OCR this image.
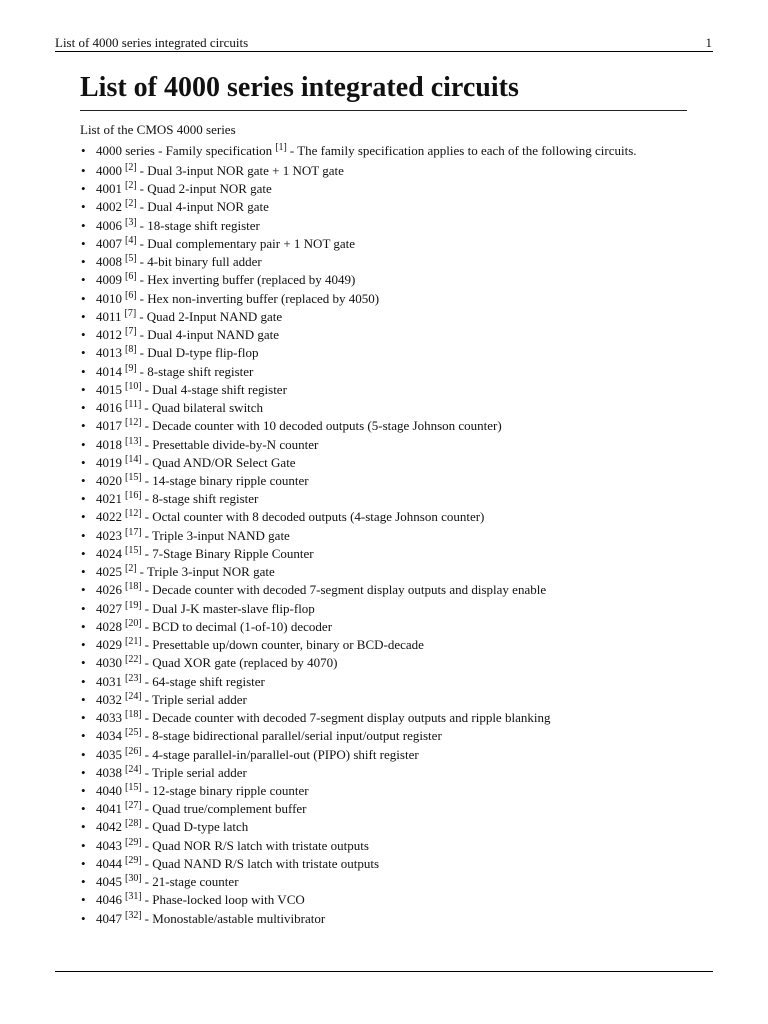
List of 4000 series integrated circuits	1
List of 4000 series integrated circuits
List of the CMOS 4000 series
• 4000 series - Family specification [1] - The family specification applies to each of the following circuits.
• 4000 [2] - Dual 3-input NOR gate + 1 NOT gate
• 4001 [2] - Quad 2-input NOR gate
• 4002 [2] - Dual 4-input NOR gate
• 4006 [3] - 18-stage shift register
• 4007 [4] - Dual complementary pair + 1 NOT gate
• 4008 [5] - 4-bit binary full adder
• 4009 [6] - Hex inverting buffer (replaced by 4049)
• 4010 [6] - Hex non-inverting buffer (replaced by 4050)
• 4011 [7] - Quad 2-Input NAND gate
• 4012 [7] - Dual 4-input NAND gate
• 4013 [8] - Dual D-type flip-flop
• 4014 [9] - 8-stage shift register
• 4015 [10] - Dual 4-stage shift register
• 4016 [11] - Quad bilateral switch
• 4017 [12] - Decade counter with 10 decoded outputs (5-stage Johnson counter)
• 4018 [13] - Presettable divide-by-N counter
• 4019 [14] - Quad AND/OR Select Gate
• 4020 [15] - 14-stage binary ripple counter
• 4021 [16] - 8-stage shift register
• 4022 [12] - Octal counter with 8 decoded outputs (4-stage Johnson counter)
• 4023 [17] - Triple 3-input NAND gate
• 4024 [15] - 7-Stage Binary Ripple Counter
• 4025 [2] - Triple 3-input NOR gate
• 4026 [18] - Decade counter with decoded 7-segment display outputs and display enable
• 4027 [19] - Dual J-K master-slave flip-flop
• 4028 [20] - BCD to decimal (1-of-10) decoder
• 4029 [21] - Presettable up/down counter, binary or BCD-decade
• 4030 [22] - Quad XOR gate (replaced by 4070)
• 4031 [23] - 64-stage shift register
• 4032 [24] - Triple serial adder
• 4033 [18] - Decade counter with decoded 7-segment display outputs and ripple blanking
• 4034 [25] - 8-stage bidirectional parallel/serial input/output register
• 4035 [26] - 4-stage parallel-in/parallel-out (PIPO) shift register
• 4038 [24] - Triple serial adder
• 4040 [15] - 12-stage binary ripple counter
• 4041 [27] - Quad true/complement buffer
• 4042 [28] - Quad D-type latch
• 4043 [29] - Quad NOR R/S latch with tristate outputs
• 4044 [29] - Quad NAND R/S latch with tristate outputs
• 4045 [30] - 21-stage counter
• 4046 [31] - Phase-locked loop with VCO
• 4047 [32] - Monostable/astable multivibrator
